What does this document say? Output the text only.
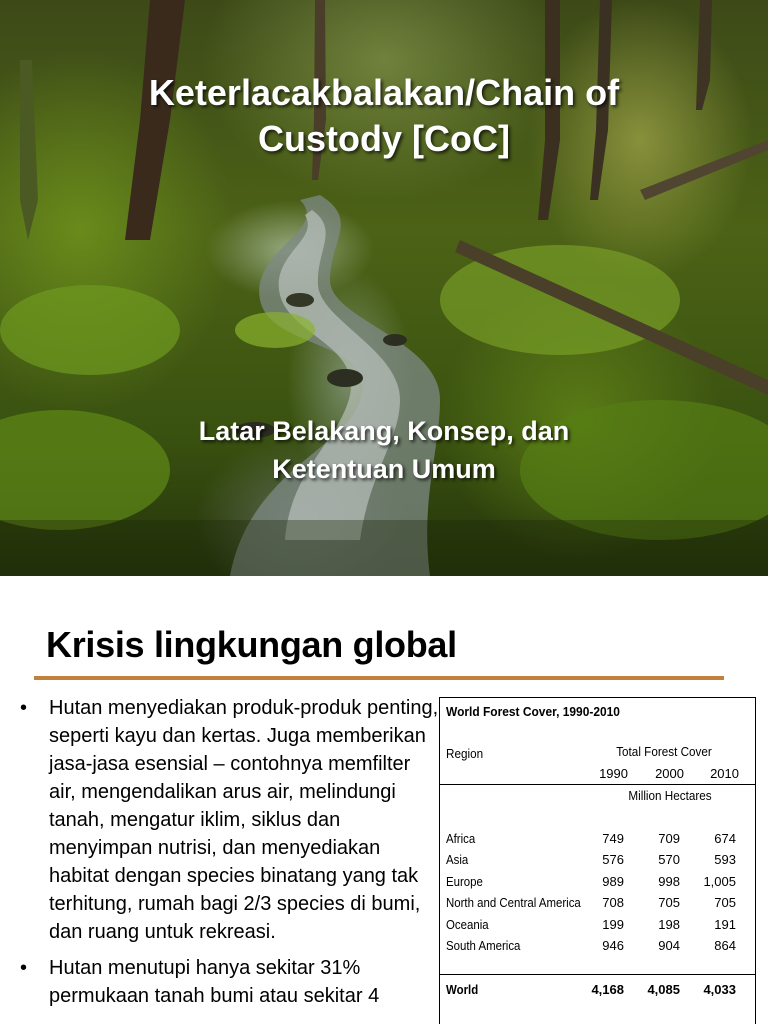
Keterlacakbalakan/Chain of Custody [CoC]
Latar Belakang, Konsep, dan Ketentuan Umum
Krisis lingkungan global
• Hutan menyediakan produk-produk penting, seperti kayu dan kertas. Juga memberikan jasa-jasa esensial – contohnya memfilter air, mengendalikan arus air, melindungi tanah, mengatur iklim, siklus dan menyimpan nutrisi, dan menyediakan habitat dengan species binatang yang tak terhitung, rumah bagi 2/3 species di bumi, dan ruang untuk rekreasi.
• Hutan menutupi hanya sekitar 31% permukaan tanah bumi atau sekitar 4
World Forest Cover, 1990-2010
Region	Total Forest Cover
1990	2000	2010
Million Hectares
Africa	749	709	674
Asia	576	570	593
Europe	989	998	1,005
North and Central America	708	705	705
Oceania	199	198	191
South America	946	904	864
World	4,168	4,085	4,033
